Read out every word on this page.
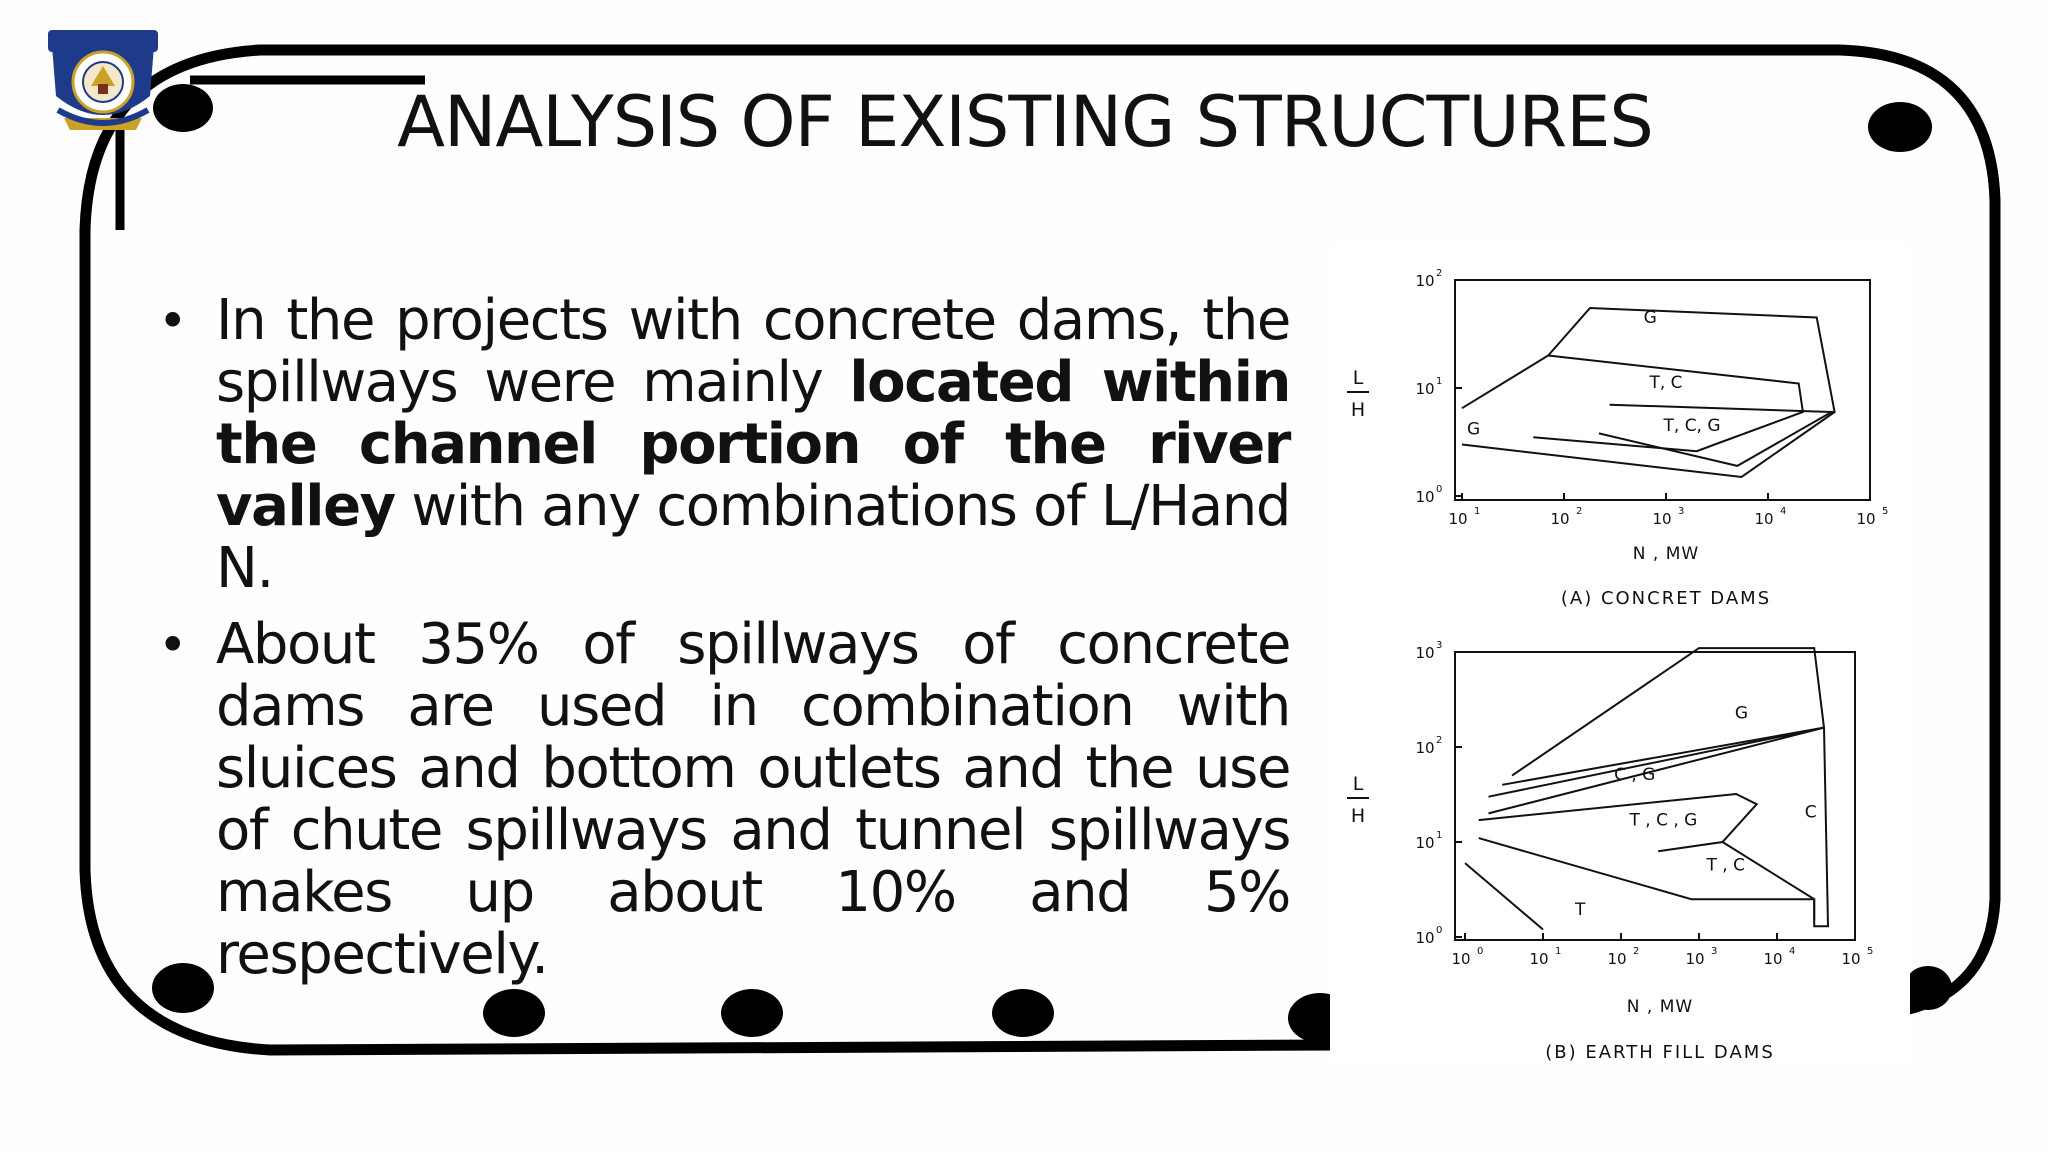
ANALYSIS OF EXISTING STRUCTURES
• In the projects with concrete dams, the spillways were mainly located within the channel portion of the river valley with any combinations of L/Hand N.
• About 35% of spillways of concrete dams are used in combination with sluices and bottom outlets and the use of chute spillways and tunnel spillways makes up about 10% and 5% respectively.
10 1	10 2	10 3	10 4	10 5
10 0
10 1
10 2
G
T, C
T, C, G
G
L
H
N , MW
(A) CONCRET DAMS
10 0	10 1	10 2	10 3	10 4	10 5
10 0
10 1
10 2
10 3
G
C , G
T , C , G	C
T , C
T
L
H
N , MW
(B) EARTH FILL DAMS
